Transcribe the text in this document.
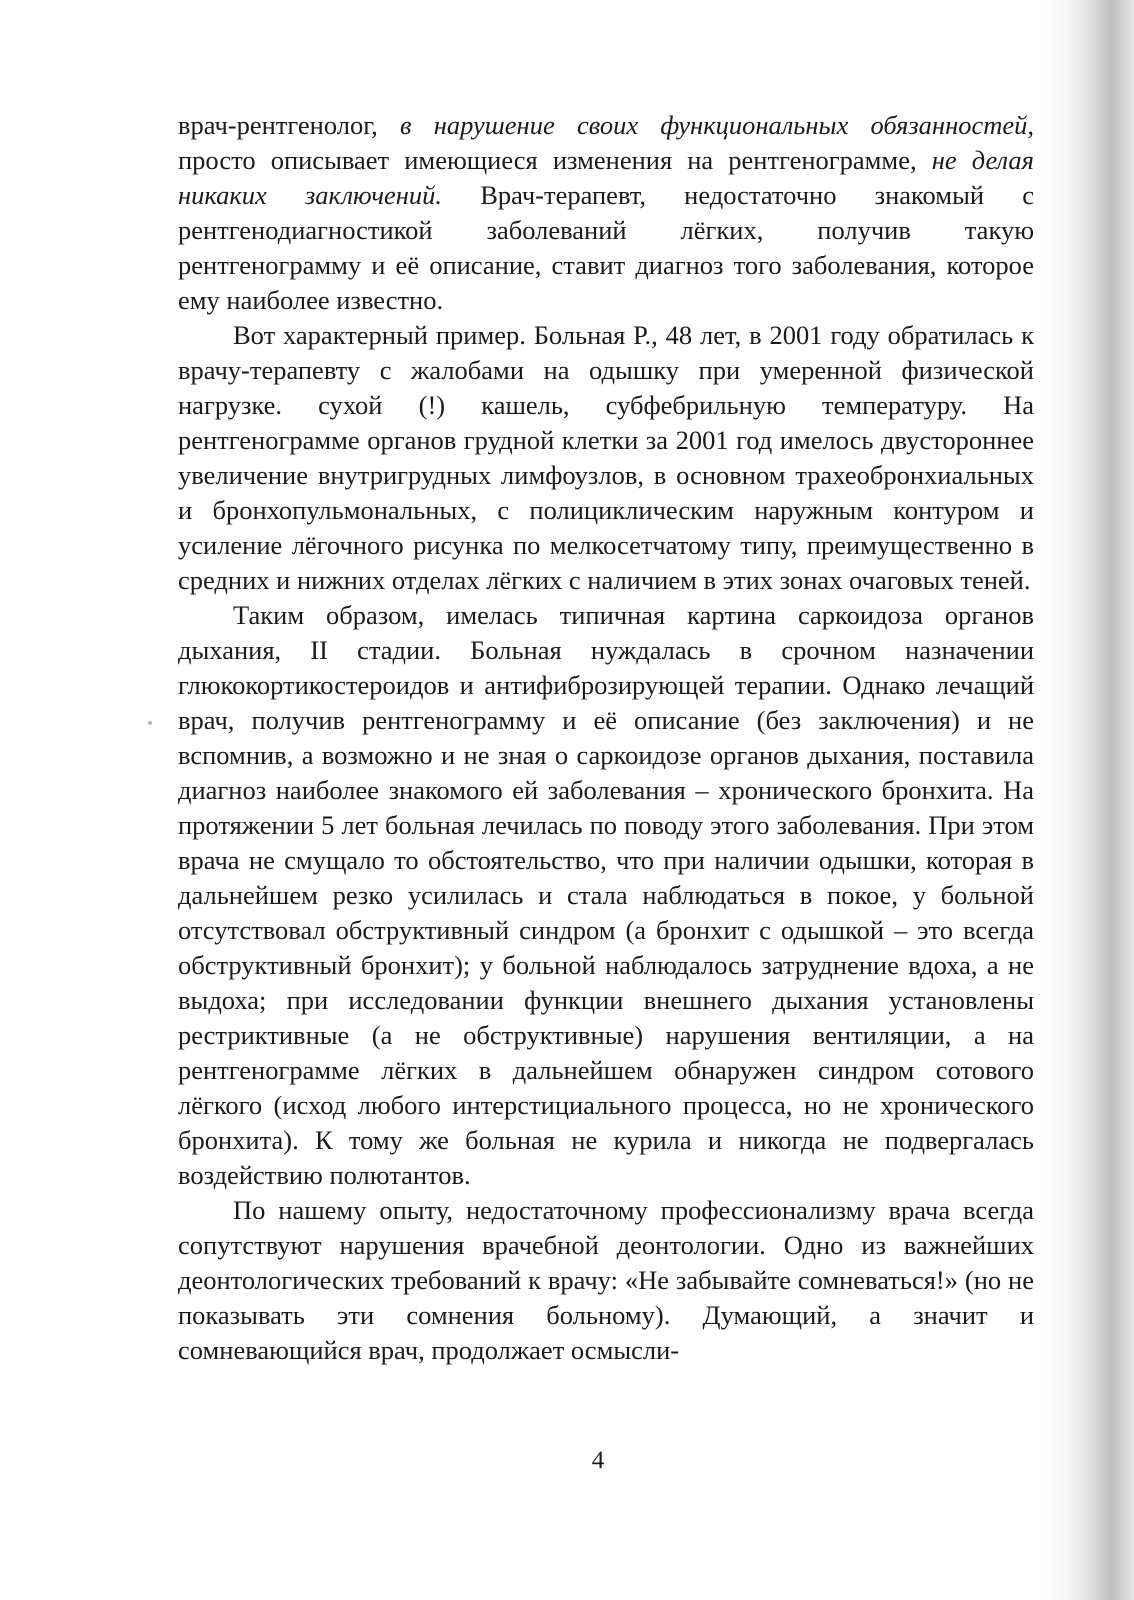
врач-рентгенолог, в нарушение своих функциональных обязанностей, просто описывает имеющиеся изменения на рентгенограмме, не делая никаких заключений. Врач-терапевт, недостаточно знакомый с рентгенодиагностикой заболеваний лёгких, получив такую рентгенограмму и её описание, ставит диагноз того заболевания, которое ему наиболее известно.

Вот характерный пример. Больная Р., 48 лет, в 2001 году обратилась к врачу-терапевту с жалобами на одышку при умеренной физической нагрузке. сухой (!) кашель, субфебрильную температуру. На рентгенограмме органов грудной клетки за 2001 год имелось двустороннее увеличение внутригрудных лимфоузлов, в основном трахеобронхиальных и бронхопульмональных, с полициклическим наружным контуром и усиление лёгочного рисунка по мелкосетчатому типу, преимущественно в средних и нижних отделах лёгких с наличием в этих зонах очаговых теней.

Таким образом, имелась типичная картина саркоидоза органов дыхания, II стадии. Больная нуждалась в срочном назначении глюкокортикостероидов и антифиброзирующей терапии. Однако лечащий врач, получив рентгенограмму и её описание (без заключения) и не вспомнив, а возможно и не зная о саркоидозе органов дыхания, поставила диагноз наиболее знакомого ей заболевания – хронического бронхита. На протяжении 5 лет больная лечилась по поводу этого заболевания. При этом врача не смущало то обстоятельство, что при наличии одышки, которая в дальнейшем резко усилилась и стала наблюдаться в покое, у больной отсутствовал обструктивный синдром (а бронхит с одышкой – это всегда обструктивный бронхит); у больной наблюдалось затруднение вдоха, а не выдоха; при исследовании функции внешнего дыхания установлены рестриктивные (а не обструктивные) нарушения вентиляции, а на рентгенограмме лёгких в дальнейшем обнаружен синдром сотового лёгкого (исход любого интерстициального процесса, но не хронического бронхита). К тому же больная не курила и никогда не подвергалась воздействию полютантов.

По нашему опыту, недостаточному профессионализму врача всегда сопутствуют нарушения врачебной деонтологии. Одно из важнейших деонтологических требований к врачу: «Не забывайте сомневаться!» (но не показывать эти сомнения больному). Думающий, а значит и сомневающийся врач, продолжает осмысли-

4
